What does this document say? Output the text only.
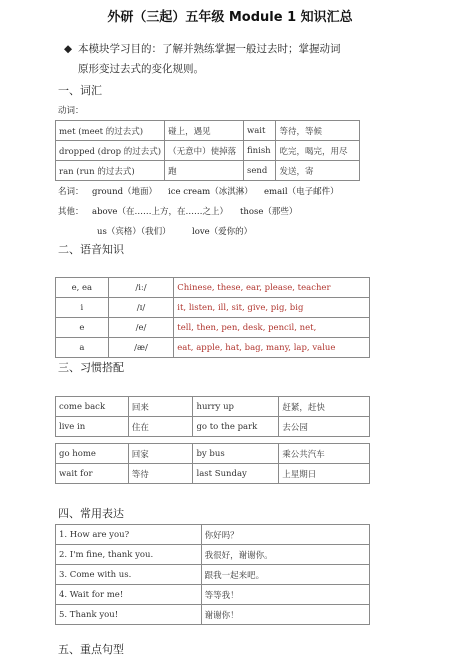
外研（三起）五年级 Module 1 知识汇总
◆ 本模块学习目的：了解并熟练掌握一般过去时；掌握动词
原形变过去式的变化规则。
一、词汇
动词：
met (meet 的过去式)	碰上，遇见	wait	等待，等候
dropped (drop 的过去式)	（无意中）使掉落	finish	吃完，喝完，用尽
ran (run 的过去式)	跑	send	发送，寄
名词： ground（地面） ice cream（冰淇淋） email（电子邮件）
其他： above（在……上方，在……之上） those（那些）
us（宾格）（我们）	love（爱你的）
二、语音知识
e, ea	/iː/	Chinese, these, ear, please, teacher
i	/ɪ/	it, listen, ill, sit, give, pig, big
e	/e/	tell, then, pen, desk, pencil, net,
a	/æ/	eat, apple, hat, bag, many, lap, value
三、习惯搭配
come back	回来	hurry up	赶紧，赶快
live in	住在	go to the park	去公园
go home	回家	by bus	乘公共汽车
wait for	等待	last Sunday	上星期日
四、常用表达
1. How are you?	你好吗？
2. I'm fine, thank you.	我很好，谢谢你。
3. Come with us.	跟我一起来吧。
4. Wait for me!	等等我！
5. Thank you!	谢谢你！
五、重点句型
